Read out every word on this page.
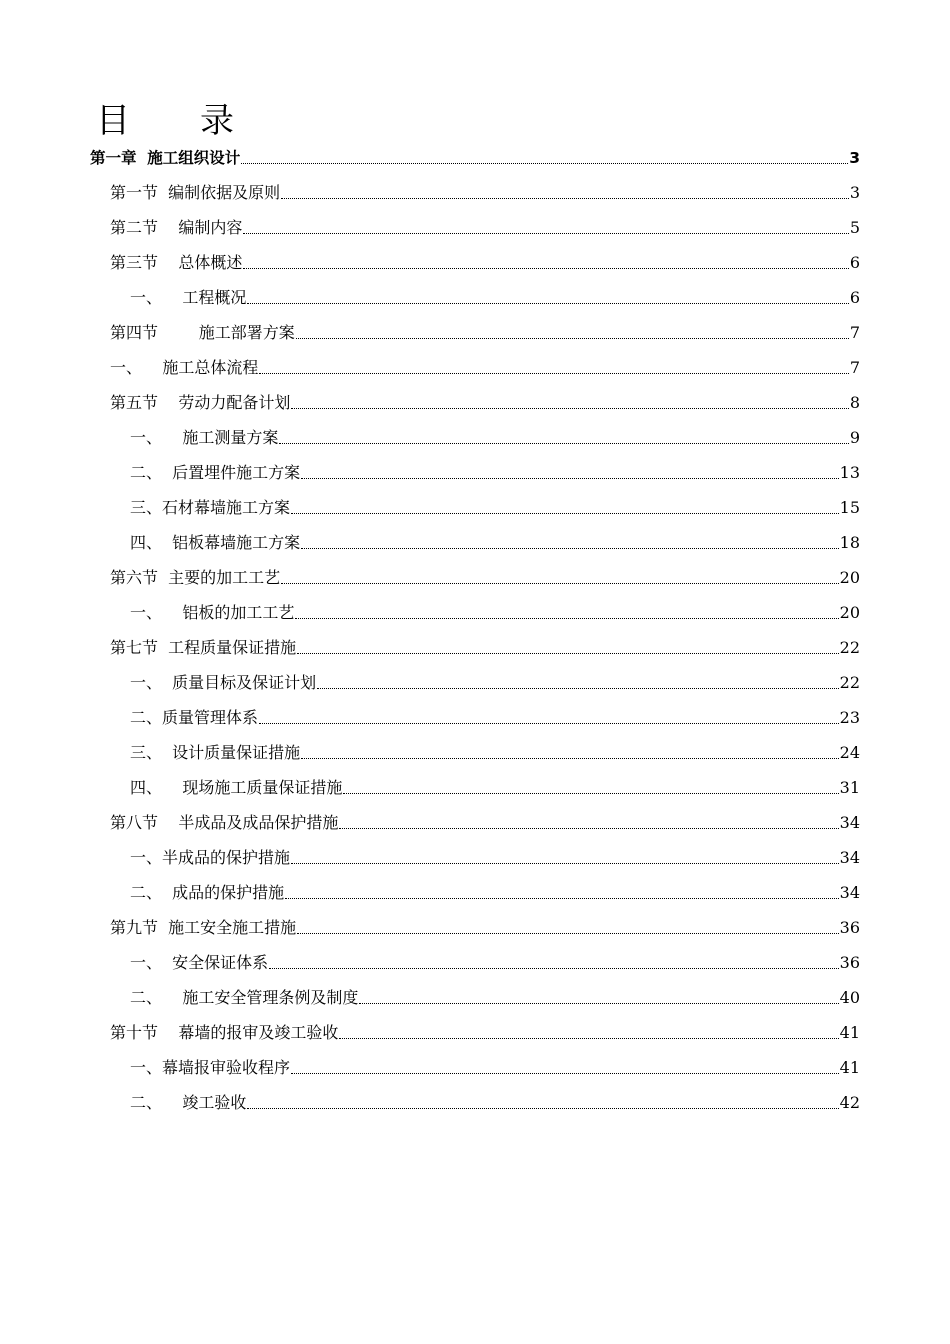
目 录
第一章  施工组织设计	3
第一节  编制依据及原则	3
第二节    编制内容	5
第三节    总体概述	6
一、    工程概况	6
第四节        施工部署方案	7
一、    施工总体流程	7
第五节    劳动力配备计划	8
一、    施工测量方案	9
二、  后置埋件施工方案	13
三、石材幕墙施工方案	15
四、  铝板幕墙施工方案	18
第六节  主要的加工工艺	20
一、    铝板的加工工艺	20
第七节  工程质量保证措施	22
一、  质量目标及保证计划	22
二、质量管理体系	23
三、  设计质量保证措施	24
四、    现场施工质量保证措施	31
第八节    半成品及成品保护措施	34
一、半成品的保护措施	34
二、  成品的保护措施	34
第九节  施工安全施工措施	36
一、  安全保证体系	36
二、    施工安全管理条例及制度	40
第十节    幕墙的报审及竣工验收	41
一、幕墙报审验收程序	41
二、    竣工验收	42
